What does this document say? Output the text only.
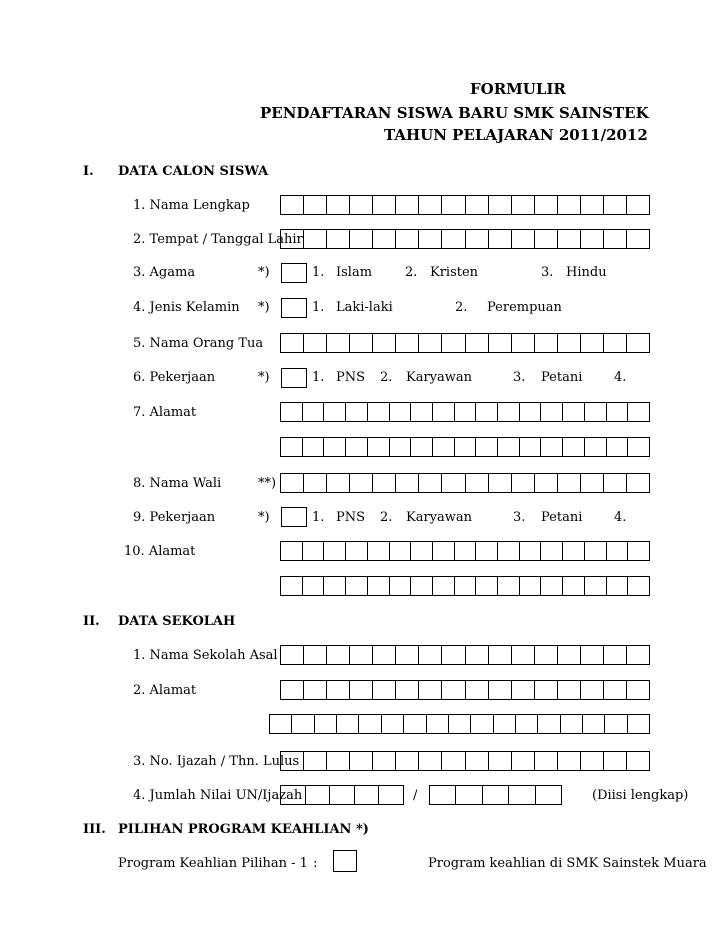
FORMULIR
PENDAFTARAN SISWA BARU SMK SAINSTEK
TAHUN PELAJARAN 2011/2012
I. DATA CALON SISWA
1. Nama Lengkap
2. Tempat / Tanggal Lahir
3. Agama	*)	1. Islam	2. Kristen	3. Hindu
4. Jenis Kelamin *)	1. Laki-laki	2. Perempuan
5. Nama Orang Tua
6. Pekerjaan	*)	1. PNS 2. Karyawan	3. Petani 4.
7. Alamat
8. Nama Wali	**)
9. Pekerjaan	*)	1. PNS 2. Karyawan	3. Petani 4.
10. Alamat
II. DATA SEKOLAH
1. Nama Sekolah Asal
2. Alamat
3. No. Ijazah / Thn. Lulus
4. Jumlah Nilai UN/Ijazah	/	(Diisi lengkap)
III. PILIHAN PROGRAM KEAHLIAN *)
Program Keahlian Pilihan - 1 :	Program keahlian di SMK Sainstek Muara
